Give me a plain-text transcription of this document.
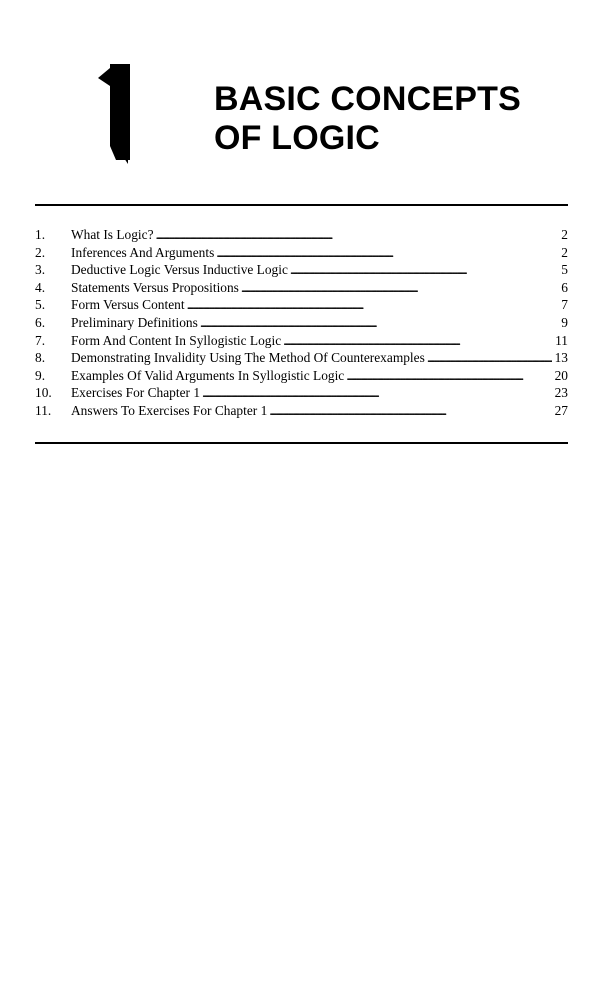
BASIC CONCEPTS
OF LOGIC
1.	What Is Logic? . . .	2
2.	Inferences And Arguments . . .	2
3.	Deductive Logic Versus Inductive Logic . . .	5
4.	Statements Versus Propositions . . .	6
5.	Form Versus Content . . .	7
6.	Preliminary Definitions . . .	9
7.	Form And Content In Syllogistic Logic . . .	11
8.	Demonstrating Invalidity Using The Method Of Counterexamples . . .	13
9.	Examples Of Valid Arguments In Syllogistic Logic . . .	20
10.	Exercises For Chapter 1 . . .	23
11.	Answers To Exercises For Chapter 1 . . .	27
